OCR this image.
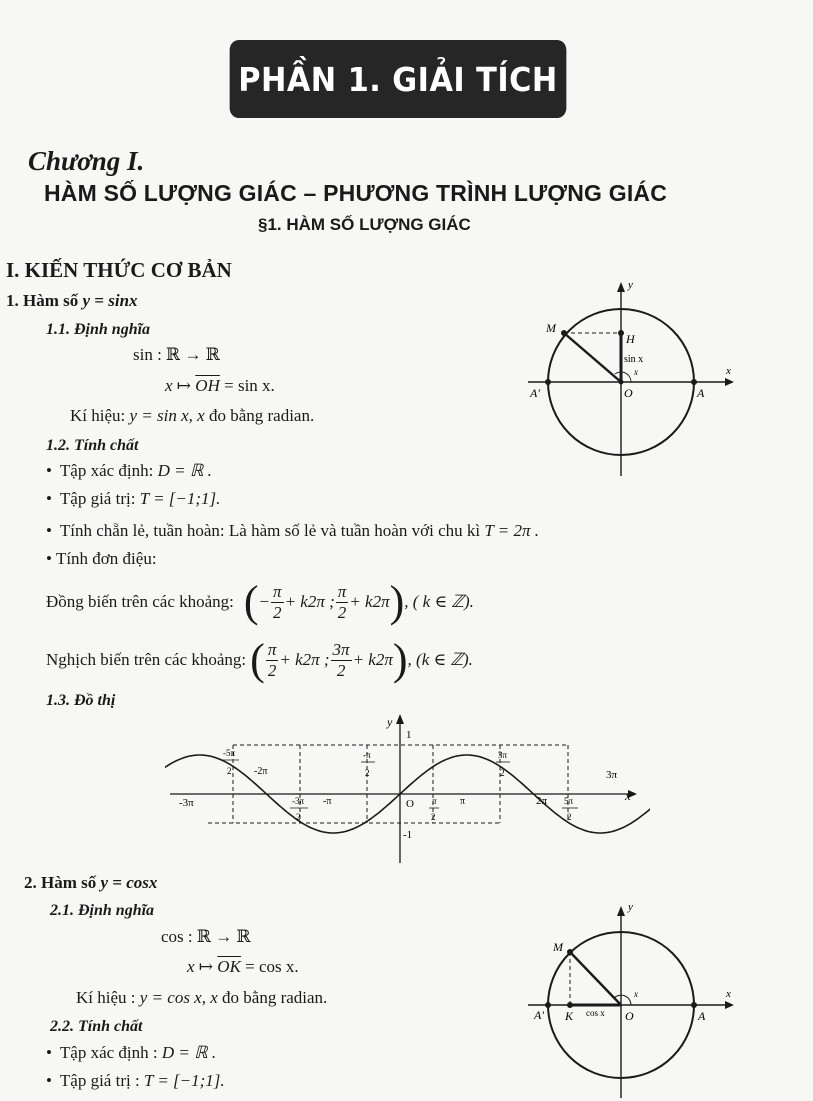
PHẦN 1. GIẢI TÍCH
Chương I.
HÀM SỐ LƯỢNG GIÁC – PHƯƠNG TRÌNH LƯỢNG GIÁC
§1. HÀM SỐ LƯỢNG GIÁC
I. KIẾN THỨC CƠ BẢN
1. Hàm số y = sinx
1.1. Định nghĩa
sin : ℝ → ℝ
x ↦ $\overline{OH} = \sin x$.
Kí hiệu: y = sin x, x đo bằng radian.
1.2. Tính chất
• Tập xác định: D = ℝ .
• Tập giá trị: T = [−1;1].
• Tính chẵn lẻ, tuần hoàn: Là hàm số lẻ và tuần hoàn với chu kì T = 2π .
• Tính đơn điệu:
Đồng biến trên các khoảng: ( − $\frac{\pi}{2} + k2\pi$ ; $\frac{\pi}{2} + k2\pi$ ) , ( k ∈ ℤ).
Nghịch biến trên các khoảng: ( $\frac{\pi}{2} + k2\pi$ ; $\frac{3\pi}{2} + k2\pi$ ) , (k ∈ ℤ).
1.3. Đồ thị
y
x
M
H
sin x
x
A'	O	A
1
-1
y
x
O
-5π
2 -2π
-π
2
3π
2	3π
-3π	-3π
2
-π	π
2
π	2π 5π
2
2. Hàm số y = cosx
2.1. Định nghĩa
cos : ℝ → ℝ
x ↦ $\overline{OK} = \cos x$.
Kí hiệu : y = cos x, x đo bằng radian.
2.2. Tính chất
• Tập xác định : D = ℝ .
• Tập giá trị : T = [−1;1].
y
x
M
x
A' K cos x O	A
